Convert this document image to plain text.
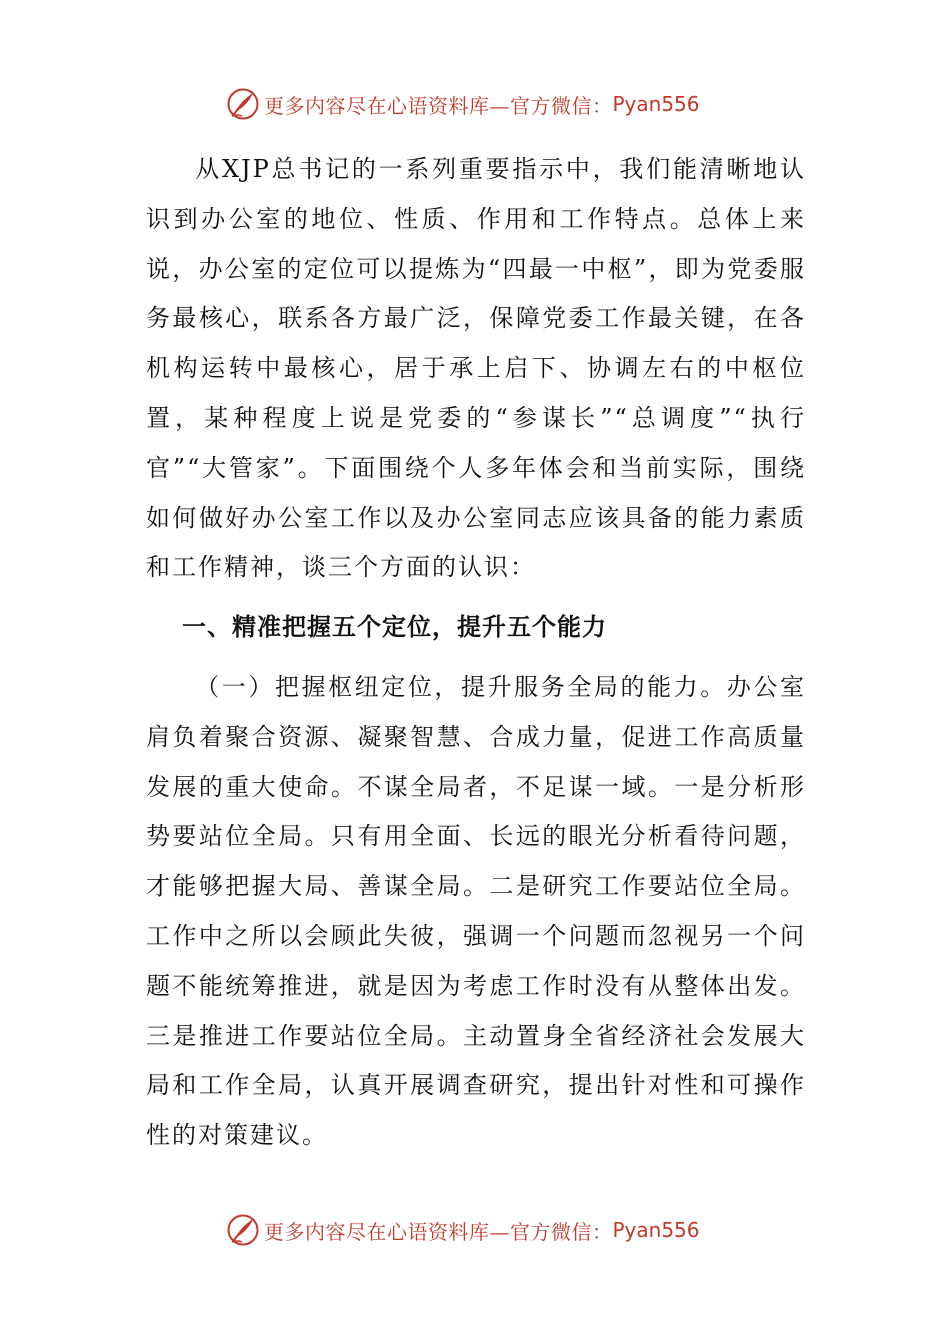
更多内容尽在心语资料库—官方微信： Pyan556

从XJP总书记的一系列重要指示中，我们能清晰地认识到办公室的地位、性质、作用和工作特点。总体上来说，办公室的定位可以提炼为“四最一中枢”，即为党委服务最核心，联系各方最广泛，保障党委工作最关键，在各机构运转中最核心，居于承上启下、协调左右的中枢位置，某种程度上说是党委的“参谋长”“总调度”“执行官”“大管家”。下面围绕个人多年体会和当前实际，围绕如何做好办公室工作以及办公室同志应该具备的能力素质和工作精神，谈三个方面的认识：

一、精准把握五个定位，提升五个能力

（一）把握枢纽定位，提升服务全局的能力。办公室肩负着聚合资源、凝聚智慧、合成力量，促进工作高质量发展的重大使命。不谋全局者，不足谋一域。一是分析形势要站位全局。只有用全面、长远的眼光分析看待问题，才能够把握大局、善谋全局。二是研究工作要站位全局。工作中之所以会顾此失彼，强调一个问题而忽视另一个问题不能统筹推进，就是因为考虑工作时没有从整体出发。三是推进工作要站位全局。主动置身全省经济社会发展大局和工作全局，认真开展调查研究，提出针对性和可操作性的对策建议。

更多内容尽在心语资料库—官方微信： Pyan556
